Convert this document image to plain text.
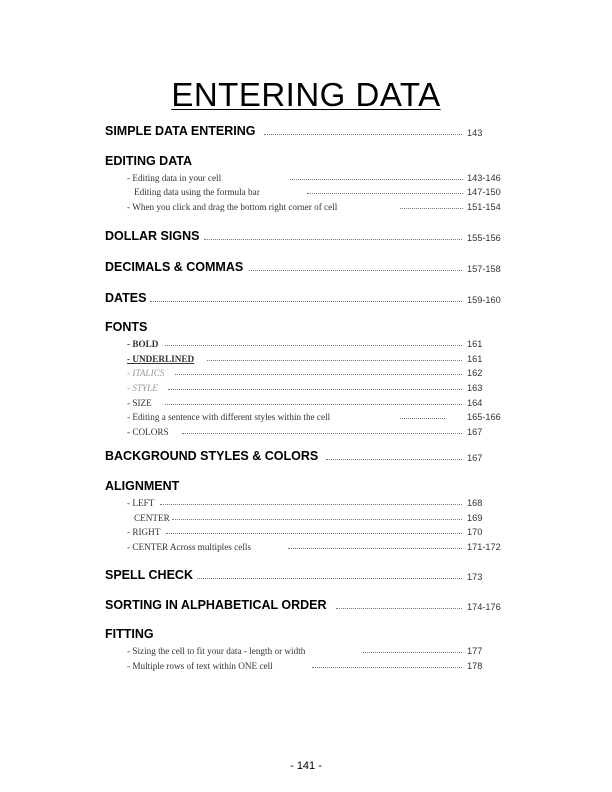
ENTERING DATA
SIMPLE DATA ENTERING	143
EDITING DATA
- Editing data in your cell	143-146
Editing data using the formula bar	147-150
- When you click and drag the bottom right corner of cell	151-154
DOLLAR SIGNS	155-156
DECIMALS & COMMAS	157-158
DATES	159-160
FONTS
- BOLD	161
- UNDERLINED	161
- ITALICS	162
- STYLE	163
- SIZE	164
- Editing a sentence with different styles within the cell	165-166
- COLORS	167
BACKGROUND STYLES & COLORS	167
ALIGNMENT
- LEFT	168
CENTER	169
- RIGHT	170
- CENTER Across multiples cells	171-172
SPELL CHECK	173
SORTING IN ALPHABETICAL ORDER	174-176
FITTING
- Sizing the cell to fit your data - length or width	177
- Multiple rows of text within ONE cell	178
- 141 -
